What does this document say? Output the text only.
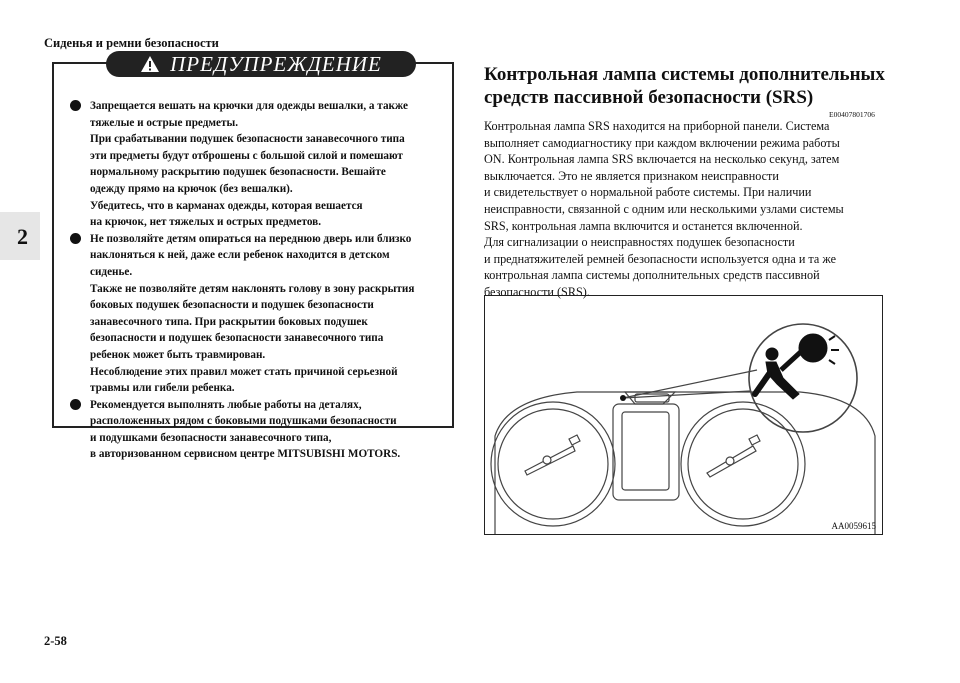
Сиденья и ремни безопасности
2
2-58
ПРЕДУПРЕЖДЕНИЕ

Запрещается вешать на крючки для одежды вешалки, а также

тяжелые и острые предметы.

При срабатывании подушек безопасности занавесочного типа

эти предметы будут отброшены с большой силой и помешают

нормальному раскрытию подушек безопасности. Вешайте

одежду прямо на крючок (без вешалки).

Убедитесь, что в карманах одежды, которая вешается

на крючок, нет тяжелых и острых предметов.

Не позволяйте детям опираться на переднюю дверь или близко

наклоняться к ней, даже если ребенок находится в детском

сиденье.

Также не позволяйте детям наклонять голову в зону раскрытия

боковых подушек безопасности и подушек безопасности

занавесочного типа. При раскрытии боковых подушек

безопасности и подушек безопасности занавесочного типа

ребенок может быть травмирован.

Несоблюдение этих правил может стать причиной серьезной

травмы или гибели ребенка.

Рекомендуется выполнять любые работы на деталях,

расположенных рядом с боковыми подушками безопасности

и подушками безопасности занавесочного типа,

в авторизованном сервисном центре MITSUBISHI MOTORS.

Контрольная лампа системы дополнительных
средств пассивной безопасности (SRS)
E00407801706

Контрольная лампа SRS находится на приборной панели. Система

выполняет самодиагностику при каждом включении режима работы

ON. Контрольная лампа SRS включается на несколько секунд, затем

выключается. Это не является признаком неисправности

и свидетельствует о нормальной работе системы. При наличии

неисправности, связанной с одним или несколькими узлами системы

SRS, контрольная лампа включится и останется включенной.

Для сигнализации о неисправностях подушек безопасности

и преднатяжителей ремней безопасности используется одна и та же

контрольная лампа системы дополнительных средств пассивной

безопасности (SRS).

AA0059615
